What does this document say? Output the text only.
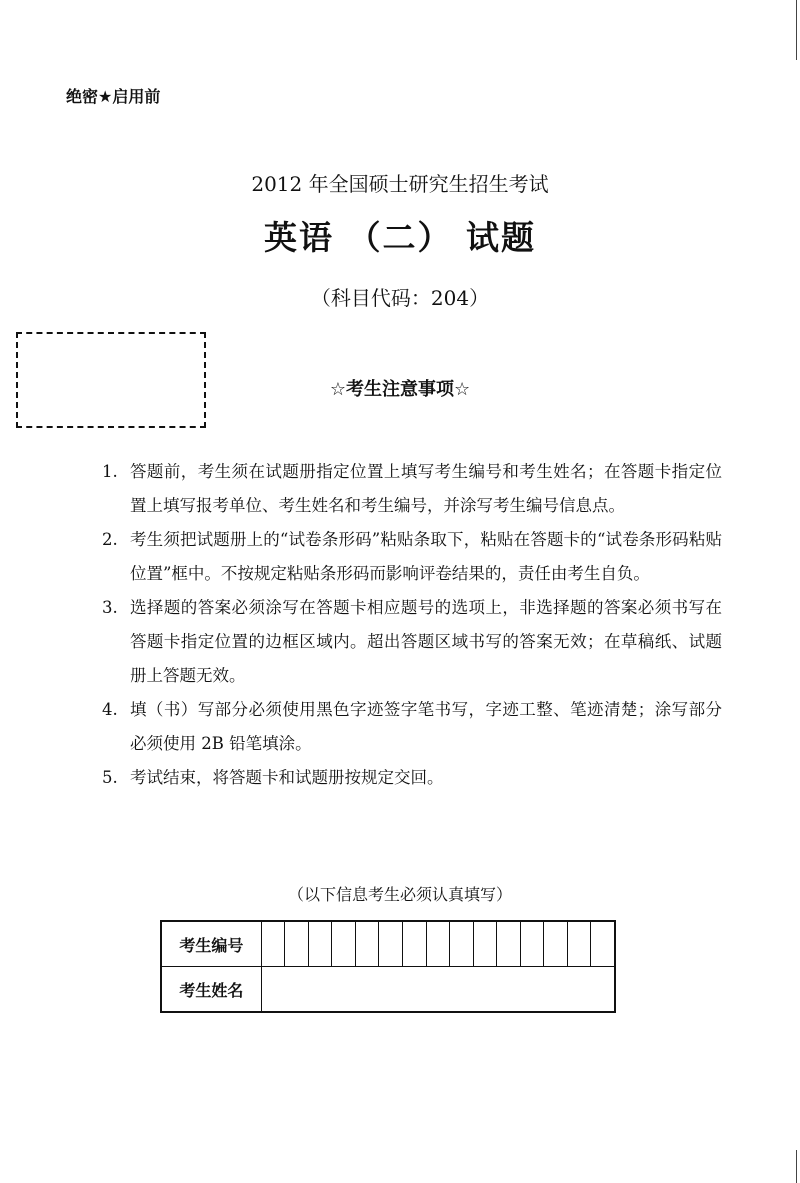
绝密★启用前
2012 年全国硕士研究生招生考试
英语 （二） 试题
（科目代码：204）
☆考生注意事项☆
1. 答题前，考生须在试题册指定位置上填写考生编号和考生姓名；在答题卡指定位置上填写报考单位、考生姓名和考生编号，并涂写考生编号信息点。
2. 考生须把试题册上的“试卷条形码”粘贴条取下，粘贴在答题卡的“试卷条形码粘贴位置”框中。不按规定粘贴条形码而影响评卷结果的，责任由考生自负。
3. 选择题的答案必须涂写在答题卡相应题号的选项上，非选择题的答案必须书写在答题卡指定位置的边框区域内。超出答题区域书写的答案无效；在草稿纸、试题册上答题无效。
4. 填（书）写部分必须使用黑色字迹签字笔书写，字迹工整、笔迹清楚；涂写部分必须使用 2B 铅笔填涂。
5. 考试结束，将答题卡和试题册按规定交回。
（以下信息考生必须认真填写）
考生编号															
考生姓名															
